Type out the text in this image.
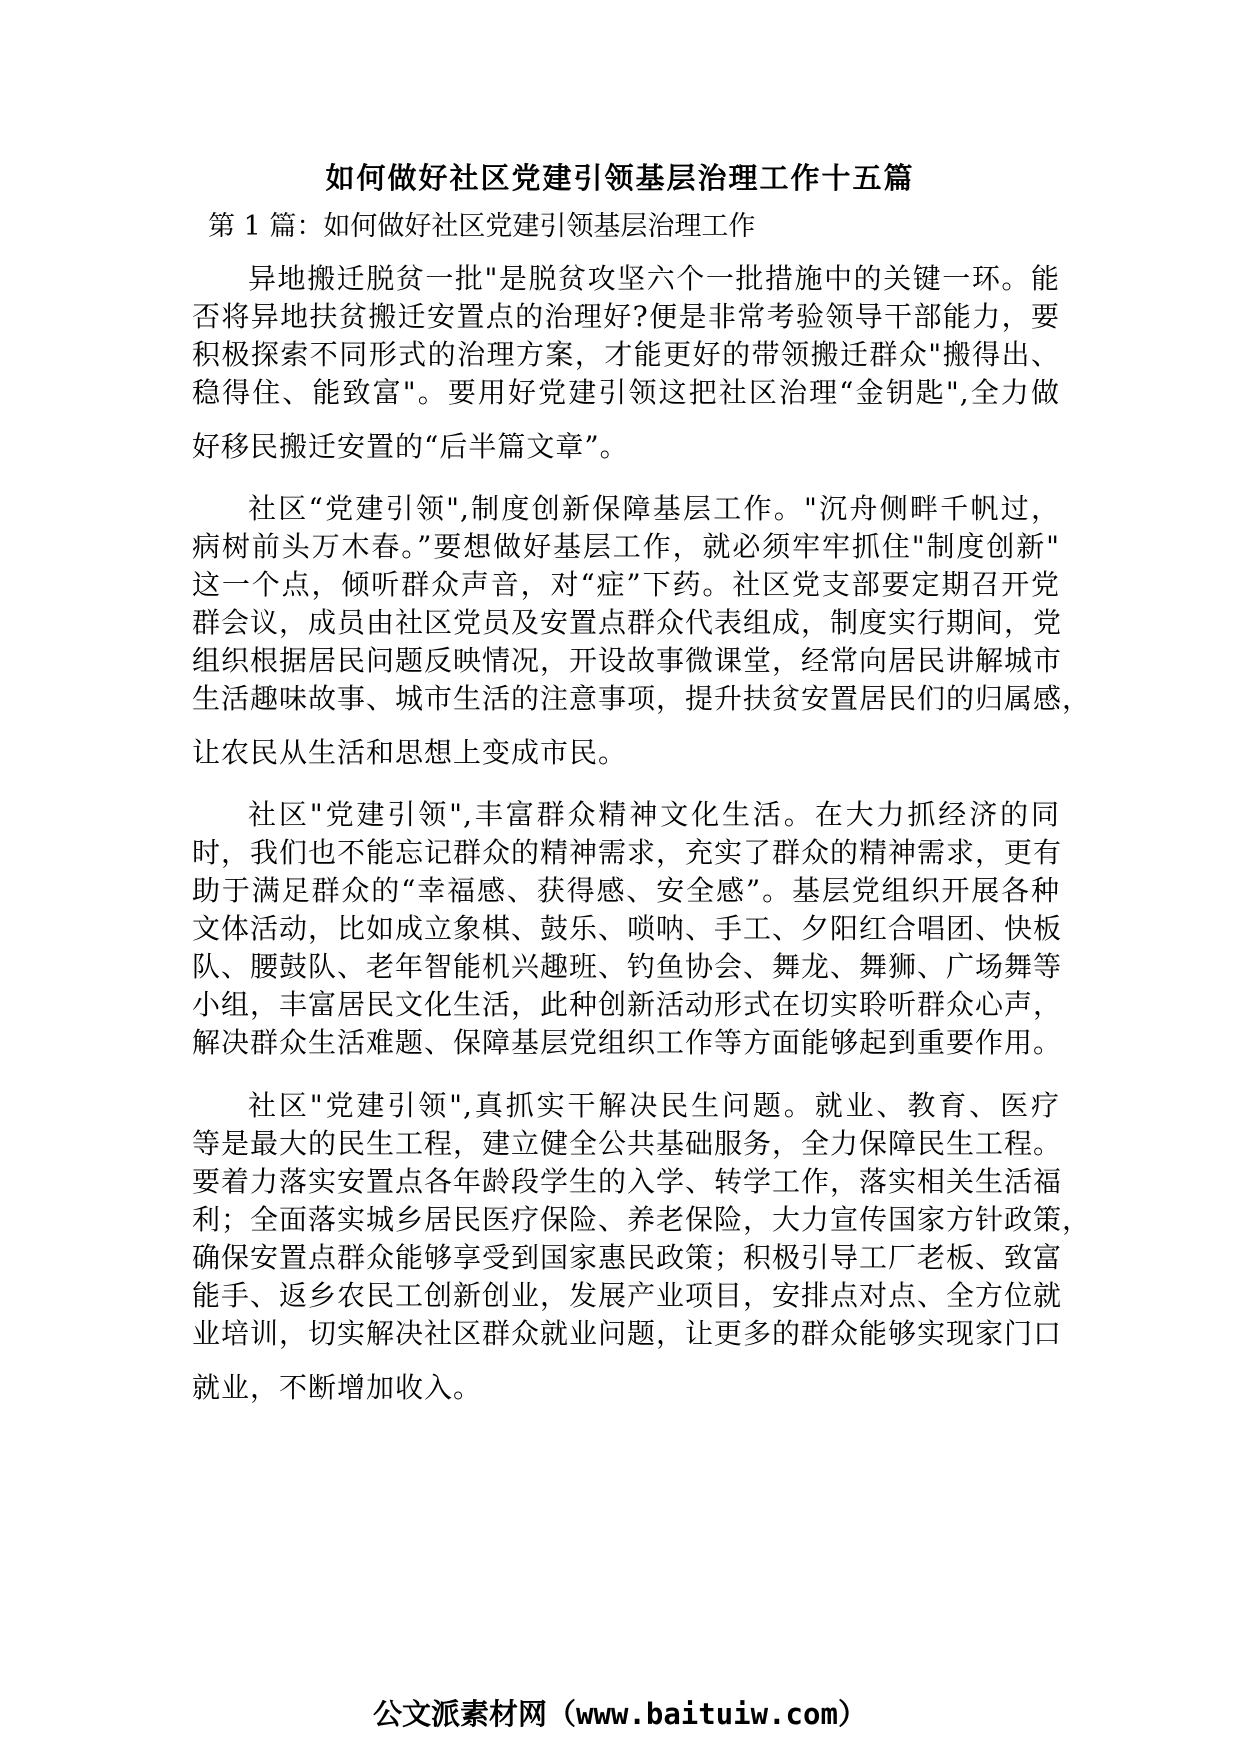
如何做好社区党建引领基层治理工作十五篇

第 1 篇：如何做好社区党建引领基层治理工作

异地搬迁脱贫一批"是脱贫攻坚六个一批措施中的关键一环。能
否将异地扶贫搬迁安置点的治理好?便是非常考验领导干部能力，要
积极探索不同形式的治理方案，才能更好的带领搬迁群众"搬得出、
稳得住、能致富"。要用好党建引领这把社区治理“金钥匙",全力做
好移民搬迁安置的“后半篇文章”。
社区“党建引领",制度创新保障基层工作。"沉舟侧畔千帆过，
病树前头万木春。”要想做好基层工作，就必须牢牢抓住"制度创新"
这一个点，倾听群众声音，对“症”下药。社区党支部要定期召开党
群会议，成员由社区党员及安置点群众代表组成，制度实行期间，党
组织根据居民问题反映情况，开设故事微课堂，经常向居民讲解城市
生活趣味故事、城市生活的注意事项，提升扶贫安置居民们的归属感，
让农民从生活和思想上变成市民。
社区"党建引领",丰富群众精神文化生活。在大力抓经济的同
时，我们也不能忘记群众的精神需求，充实了群众的精神需求，更有
助于满足群众的“幸福感、获得感、安全感”。基层党组织开展各种
文体活动，比如成立象棋、鼓乐、唢呐、手工、夕阳红合唱团、快板
队、腰鼓队、老年智能机兴趣班、钓鱼协会、舞龙、舞狮、广场舞等
小组，丰富居民文化生活，此种创新活动形式在切实聆听群众心声，
解决群众生活难题、保障基层党组织工作等方面能够起到重要作用。
社区"党建引领",真抓实干解决民生问题。就业、教育、医疗
等是最大的民生工程，建立健全公共基础服务，全力保障民生工程。
要着力落实安置点各年龄段学生的入学、转学工作，落实相关生活福
利；全面落实城乡居民医疗保险、养老保险，大力宣传国家方针政策，
确保安置点群众能够享受到国家惠民政策；积极引导工厂老板、致富
能手、返乡农民工创新创业，发展产业项目，安排点对点、全方位就
业培训，切实解决社区群众就业问题，让更多的群众能够实现家门口
就业，不断增加收入。

公文派素材网（www.baituiw.com）
